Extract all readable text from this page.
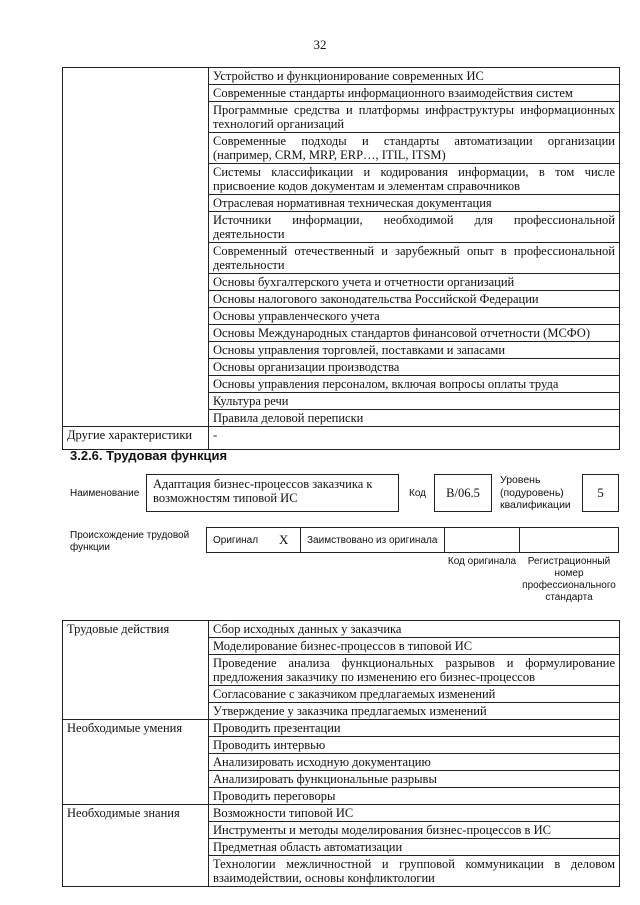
32
	Устройство и функционирование современных ИС
	Современные стандарты информационного взаимодействия систем
	Программные средства и платформы инфраструктуры информационных технологий организаций
	Современные подходы и стандарты автоматизации организации (например, CRM, MRP, ERP…, ITIL, ITSM)
	Системы классификации и кодирования информации, в том числе присвоение кодов документам и элементам справочников
	Отраслевая нормативная техническая документация
	Источники информации, необходимой для профессиональной деятельности
	Современный отечественный и зарубежный опыт в профессиональной деятельности
	Основы бухгалтерского учета и отчетности организаций
	Основы налогового законодательства Российской Федерации
	Основы управленческого учета
	Основы Международных стандартов финансовой отчетности (МСФО)
	Основы управления торговлей, поставками и запасами
	Основы организации производства
	Основы управления персоналом, включая вопросы оплаты труда
	Культура речи
	Правила деловой переписки
Другие характеристики	-
3.2.6. Трудовая функция
Наименование
Адаптация бизнес-процессов заказчика к возможностям типовой ИС	Код	B/06.5
Уровень (подуровень) квалификации
5
Происхождение трудовой функции
Оригинал X Заимствовано из оригинала
Код оригинала	Регистрационный номер профессионального стандарта
Трудовые действия	Сбор исходных данных у заказчика
	Моделирование бизнес-процессов в типовой ИС
	Проведение анализа функциональных разрывов и формулирование предложения заказчику по изменению его бизнес-процессов
	Согласование с заказчиком предлагаемых изменений
	Утверждение у заказчика предлагаемых изменений
Необходимые умения	Проводить презентации
	Проводить интервью
	Анализировать исходную документацию
	Анализировать функциональные разрывы
	Проводить переговоры
Необходимые знания	Возможности типовой ИС
	Инструменты и методы моделирования бизнес-процессов в ИС
	Предметная область автоматизации
	Технологии межличностной и групповой коммуникации в деловом взаимодействии, основы конфликтологии
